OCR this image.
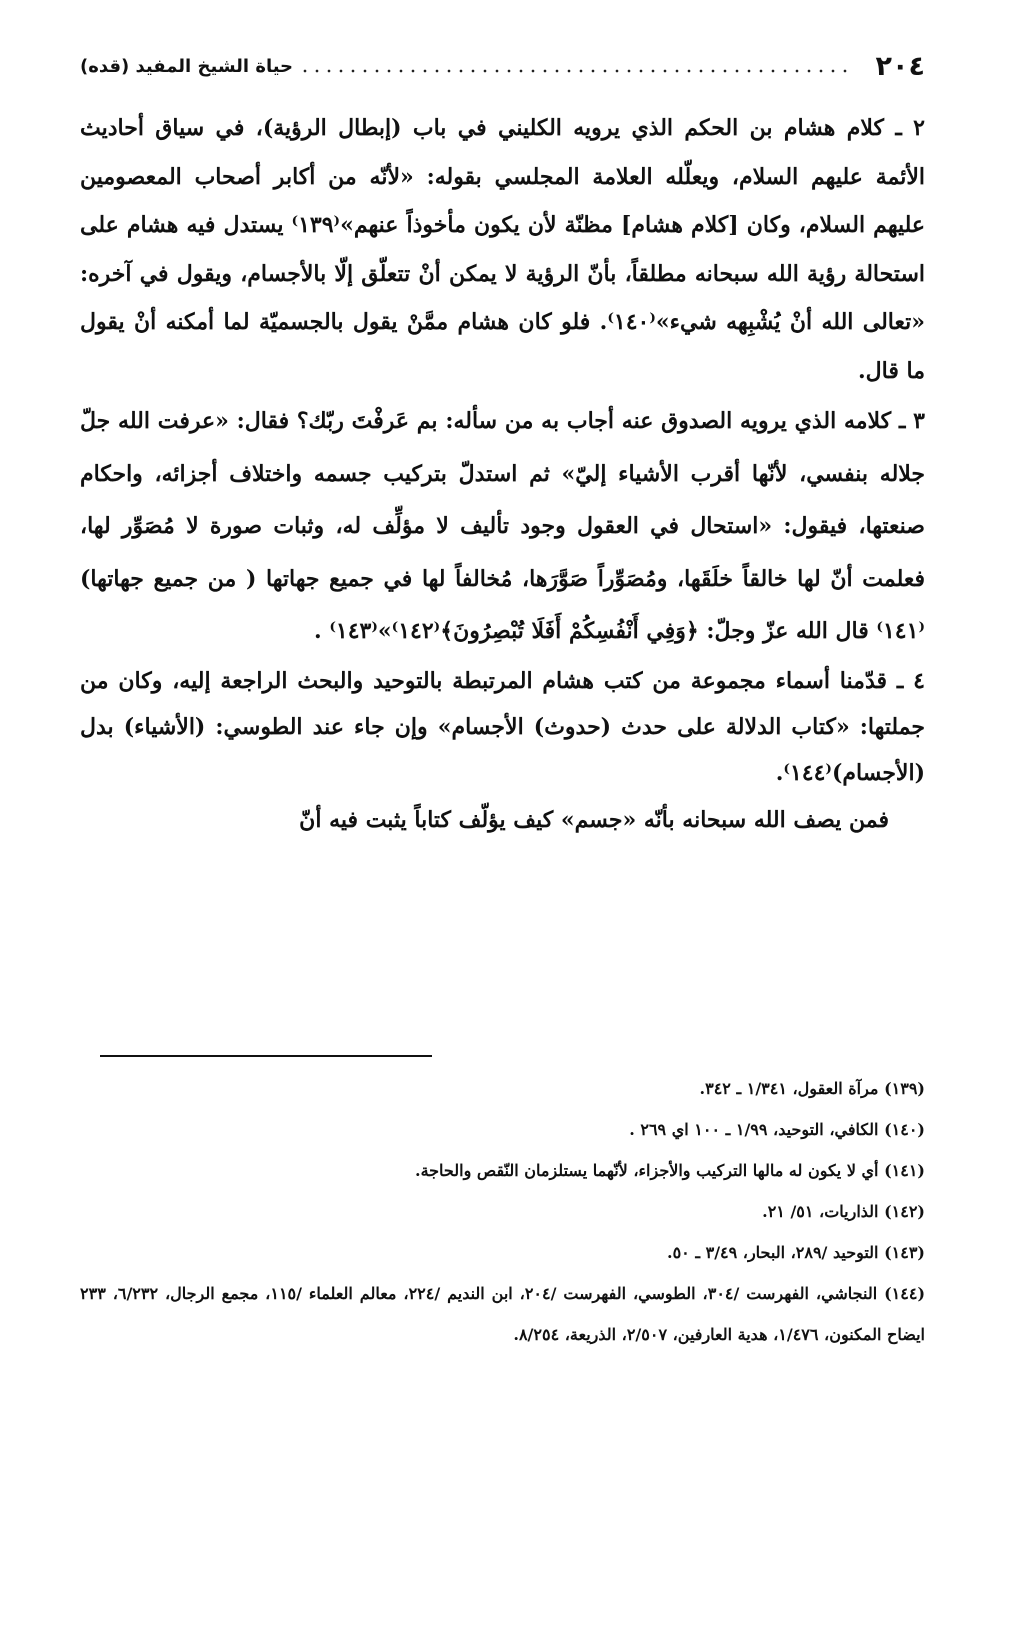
٢٠٤
حياة الشيخ المفيد (قده)

٢ ـ كلام هشام بن الحكم الذي يرويه الكليني في باب (إبطال الرؤية)، في سياق أحاديث الأئمة عليهم السلام، ويعلّله العلامة المجلسي بقوله: «لأنّه من أكابر أصحاب المعصومين عليهم السلام، وكان [كلام هشام] مظنّة لأن يكون مأخوذاً عنهم»⁽١٣٩⁾ يستدل فيه هشام على استحالة رؤية الله سبحانه مطلقاً، بأنّ الرؤية لا يمكن أنْ تتعلّق إلّا بالأجسام، ويقول في آخره: «تعالى الله أنْ يُشْبِهه شيء»⁽١٤٠⁾. فلو كان هشام ممَّنْ يقول بالجسميّة لما أمكنه أنْ يقول ما قال.

٣ ـ كلامه الذي يرويه الصدوق عنه أجاب به من سأله: بم عَرفْتَ ربّك؟ فقال: «عرفت الله جلّ جلاله بنفسي، لأنّها أقرب الأشياء إليّ» ثم استدلّ بتركيب جسمه واختلاف أجزائه، واحكام صنعتها، فيقول: «استحال في العقول وجود تأليف لا مؤلِّف له، وثبات صورة لا مُصَوِّر لها، فعلمت أنّ لها خالقاً خلَقَها، ومُصَوِّراً صَوَّرَها، مُخالفاً لها في جميع جهاتها ( من جميع جهاتها)⁽١٤١⁾ قال الله عزّ وجلّ: ﴿وَفِي أَنْفُسِكُمْ أَفَلَا تُبْصِرُونَ﴾⁽١٤٢⁾»⁽١٤٣⁾ .

٤ ـ قدّمنا أسماء مجموعة من كتب هشام المرتبطة بالتوحيد والبحث الراجعة إليه، وكان من جملتها: «كتاب الدلالة على حدث (حدوث) الأجسام» وإن جاء عند الطوسي: (الأشياء) بدل (الأجسام)⁽١٤٤⁾.

فمن يصف الله سبحانه بأنّه «جسم» كيف يؤلّف كتاباً يثبت فيه أنّ

(١٣٩) مرآة العقول، ١/٣٤١ ـ ٣٤٢.

(١٤٠) الكافي، التوحيد، ١/٩٩ ـ ١٠٠ اي ٢٦٩ .

(١٤١) أي لا يكون له مالها التركيب والأجزاء، لأنّهما يستلزمان النّقص والحاجة.

(١٤٢) الذاريات، ٥١/ ٢١.

(١٤٣) التوحيد /٢٨٩، البحار، ٣/٤٩ ـ ٥٠.

(١٤٤) النجاشي، الفهرست /٣٠٤، الطوسي، الفهرست /٢٠٤، ابن النديم /٢٢٤، معالم العلماء /١١٥، مجمع الرجال، ٦/٢٣٢، ٢٣٣ ايضاح المكنون، ١/٤٧٦، هدية العارفين، ٢/٥٠٧، الذريعة، ٨/٢٥٤.
